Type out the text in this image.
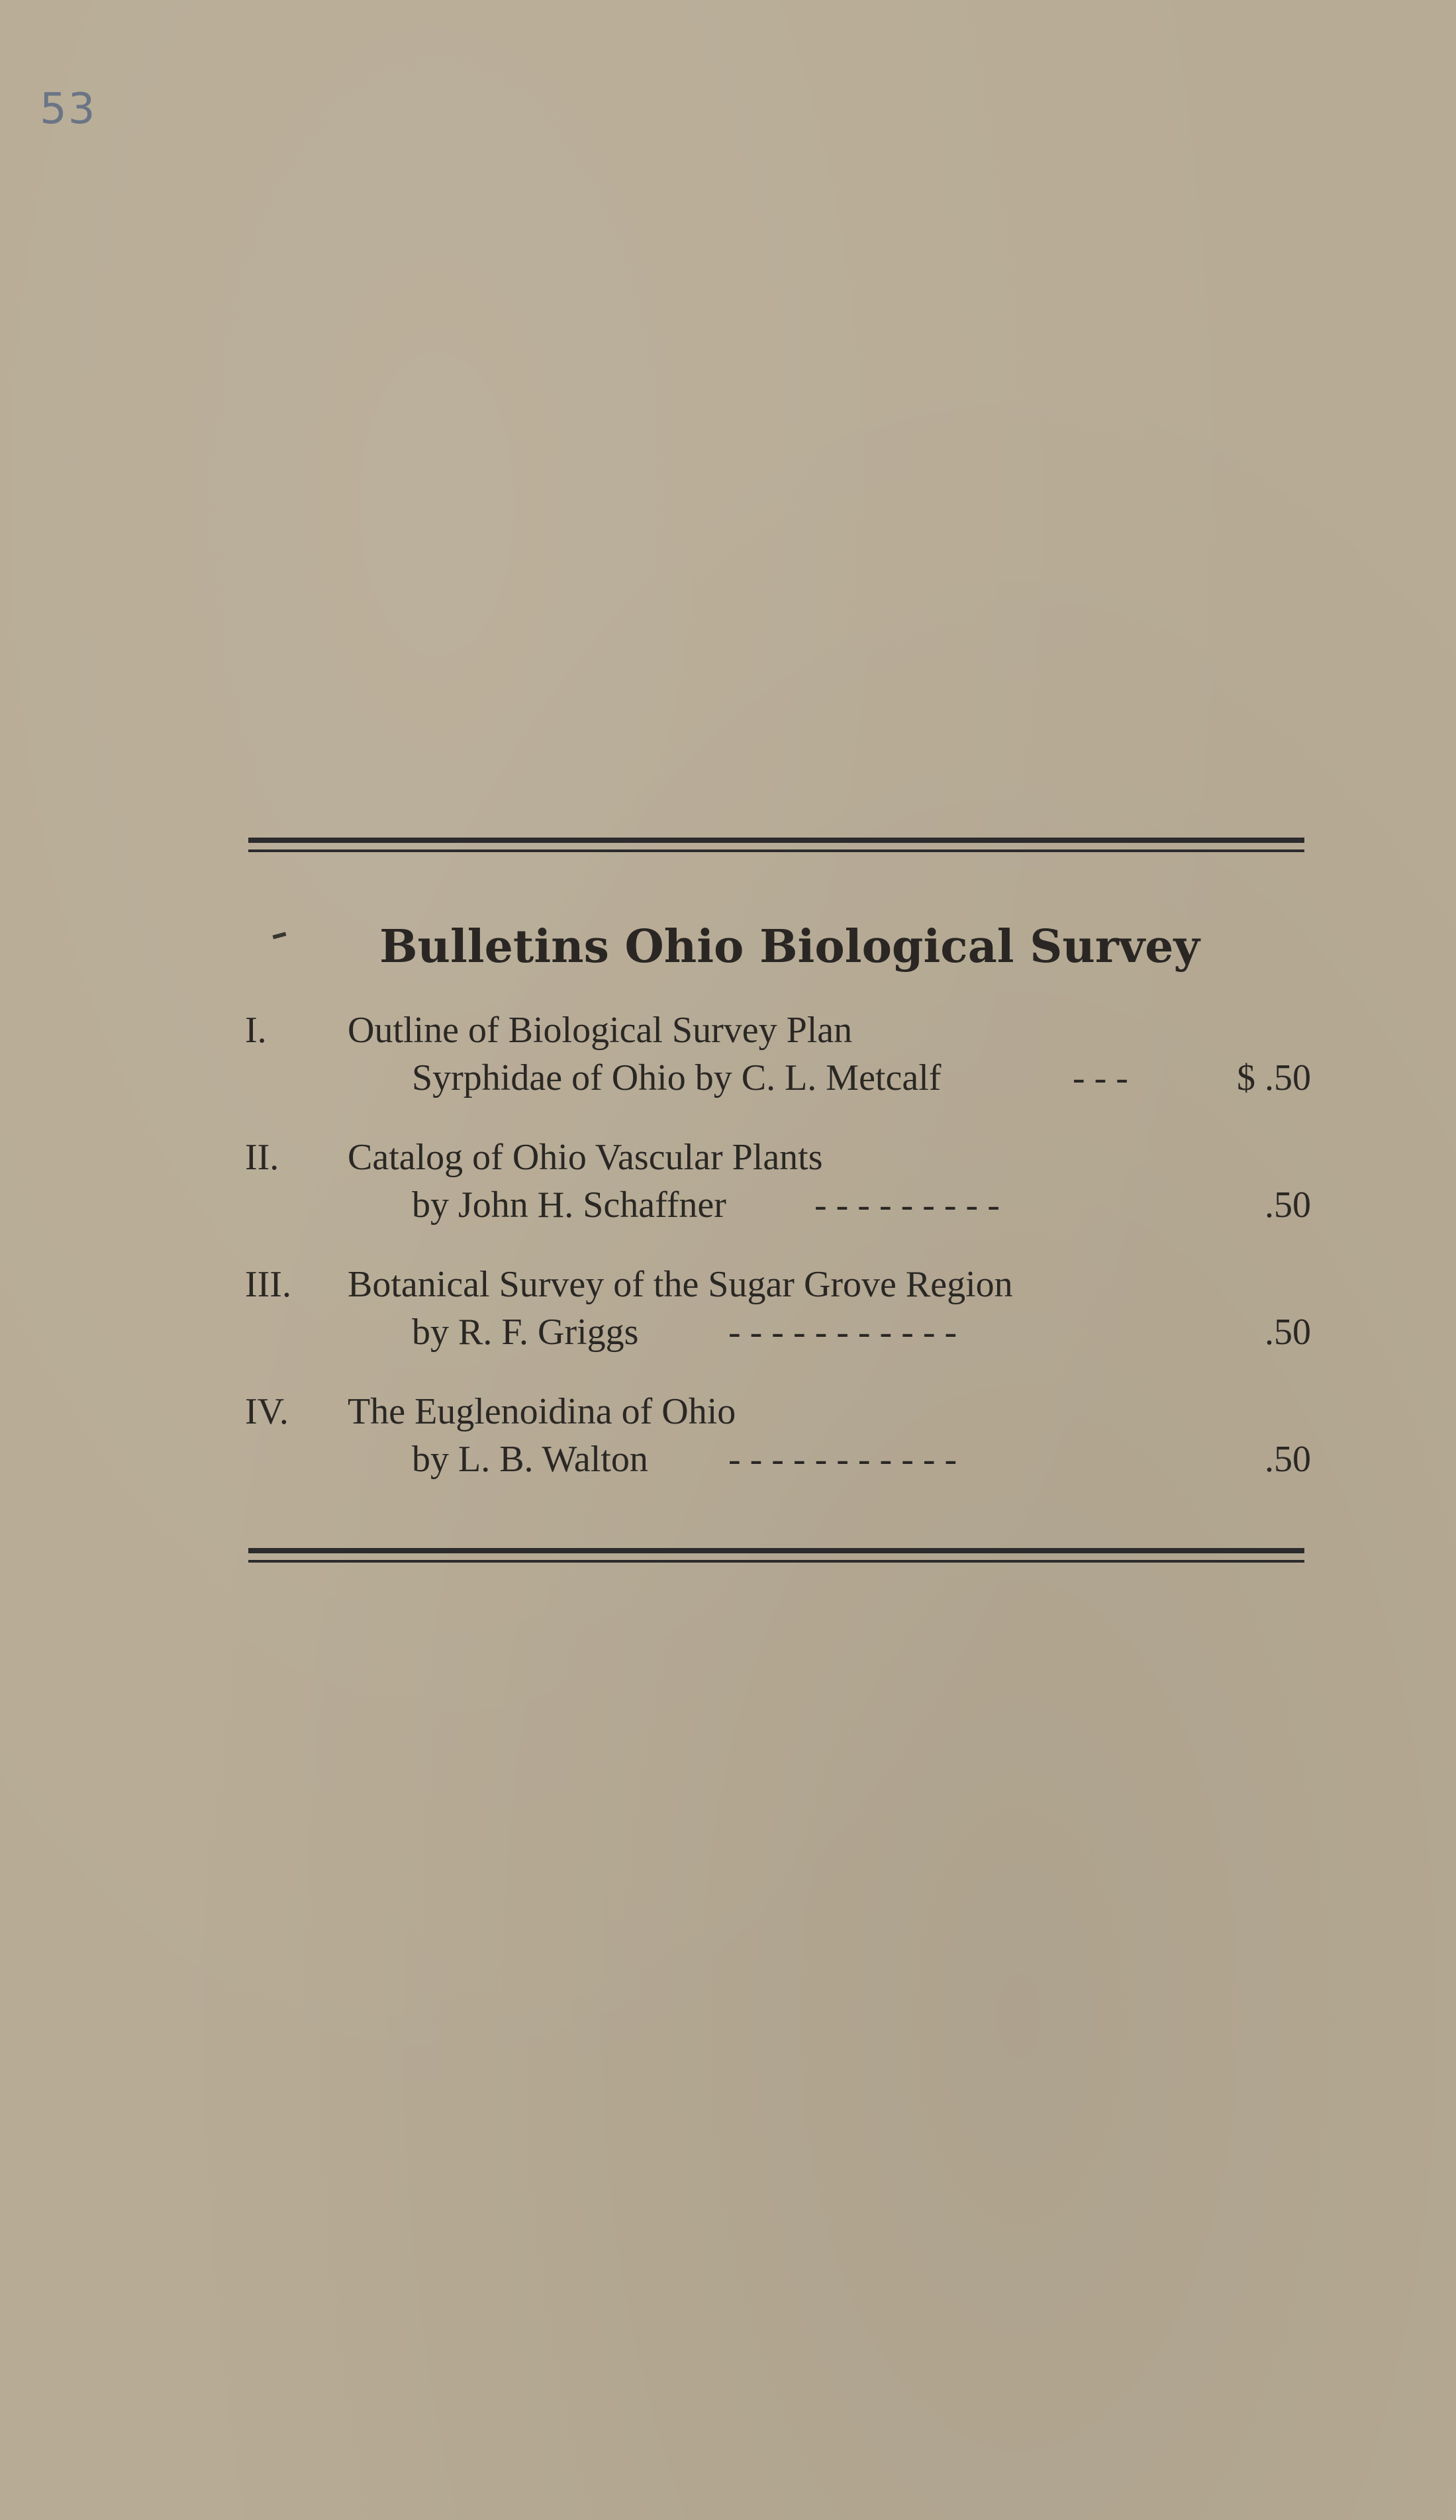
53
Bulletins Ohio Biological Survey
I. Outline of Biological Survey Plan
Syrphidae of Ohio by C. L. Metcalf	- - -	$ .50
II. Catalog of Ohio Vascular Plants
by John H. Schaffner - - - - - - - - -	.50
III. Botanical Survey of the Sugar Grove Region
by R. F. Griggs - - - - - - - - - - -	.50
IV. The Euglenoidina of Ohio
by L. B. Walton - - - - - - - - - - -	.50
